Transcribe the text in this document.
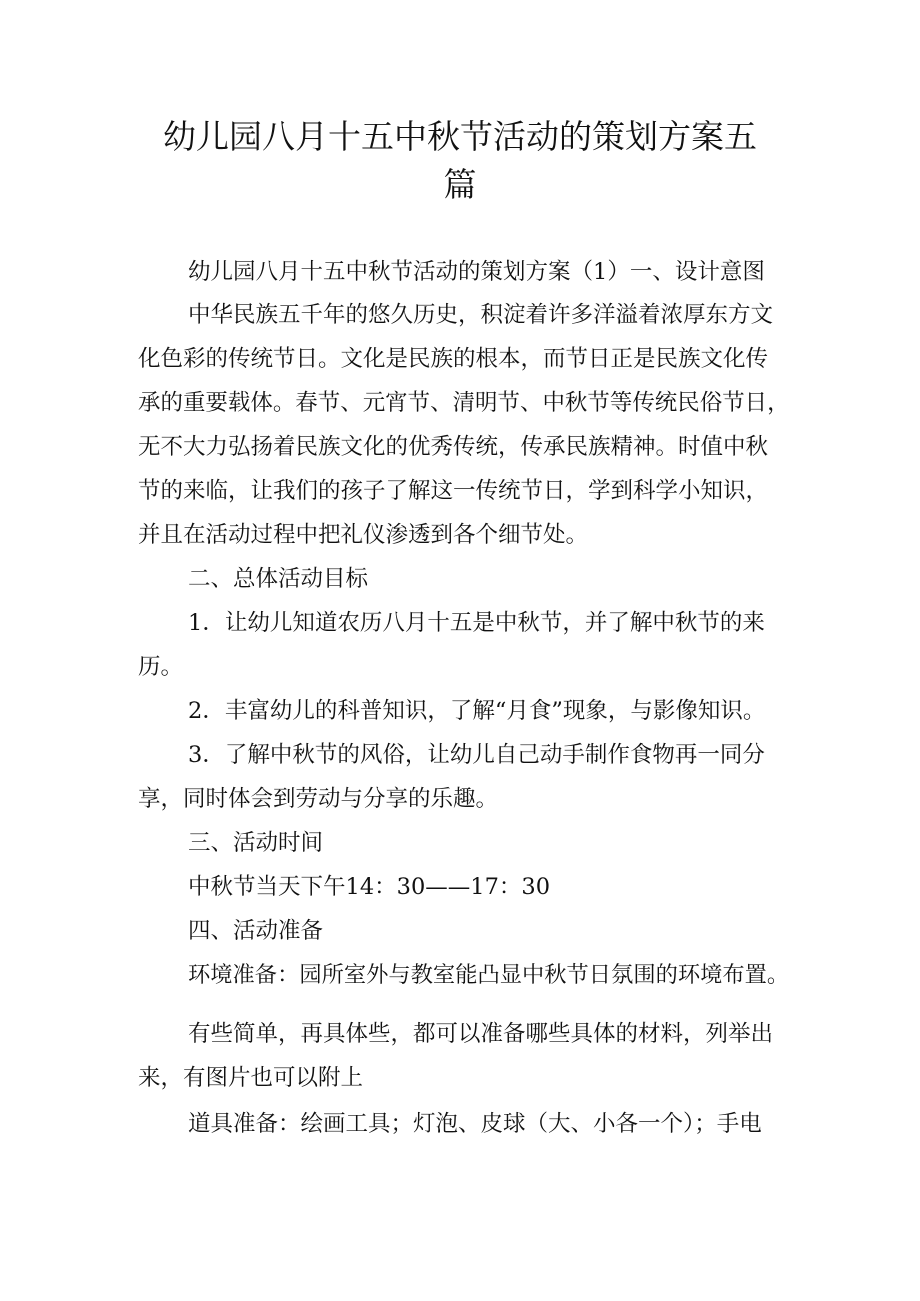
幼儿园八月十五中秋节活动的策划方案五
篇
幼儿园八月十五中秋节活动的策划方案（1）一、设计意图
中华民族五千年的悠久历史，积淀着许多洋溢着浓厚东方文
化色彩的传统节日。文化是民族的根本，而节日正是民族文化传
承的重要载体。春节、元宵节、清明节、中秋节等传统民俗节日，
无不大力弘扬着民族文化的优秀传统，传承民族精神。时值中秋
节的来临，让我们的孩子了解这一传统节日，学到科学小知识，
并且在活动过程中把礼仪渗透到各个细节处。
二、总体活动目标
1．让幼儿知道农历八月十五是中秋节，并了解中秋节的来
历。
2．丰富幼儿的科普知识，了解“月食”现象，与影像知识。
3．了解中秋节的风俗，让幼儿自己动手制作食物再一同分
享，同时体会到劳动与分享的乐趣。
三、活动时间
中秋节当天下午14：30——17：30
四、活动准备
环境准备：园所室外与教室能凸显中秋节日氛围的环境布置。
有些简单，再具体些，都可以准备哪些具体的材料，列举出
来，有图片也可以附上
道具准备：绘画工具；灯泡、皮球（大、小各一个）；手电
